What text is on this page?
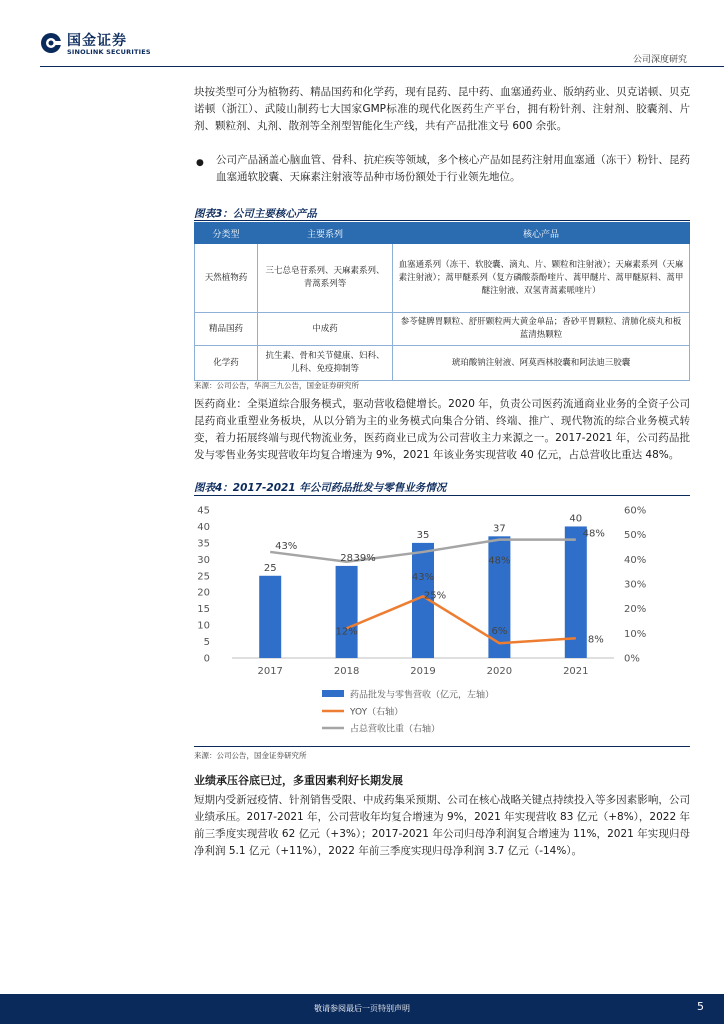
国金证券
SINOLINK SECURITIES
公司深度研究
块按类型可分为植物药、精品国药和化学药，现有昆药、昆中药、血塞通药业、版纳药业、贝克诺顿、贝克诺顿（浙江）、武陵山制药七大国家GMP标准的现代化医药生产平台，拥有粉针剂、注射剂、胶囊剂、片剂、颗粒剂、丸剂、散剂等全剂型智能化生产线，共有产品批准文号 600 余张。
● 公司产品涵盖心脑血管、骨科、抗疟疾等领域，多个核心产品如昆药注射用血塞通（冻干）粉针、昆药血塞通软胶囊、天麻素注射液等品种市场份额处于行业领先地位。
图表3：公司主要核心产品
分类型	主要系列	核心产品
天然植物药	三七总皂苷系列、天麻素系列、青蒿系列等	血塞通系列（冻干、软胶囊、滴丸、片、颗粒和注射液）；天麻素系列（天麻素注射液）；蒿甲醚系列（复方磷酸萘酚喹片、蒿甲醚片、蒿甲醚原料、蒿甲醚注射液、双氢青蒿素哌喹片）
精品国药	中成药	参苓健脾胃颗粒、舒肝颗粒两大黄金单品；香砂平胃颗粒、清肺化痰丸和板蓝清热颗粒
化学药	抗生素、骨和关节健康、妇科、儿科、免疫抑制等	琥珀酸钠注射液、阿莫西林胶囊和阿法迪三胶囊
来源：公司公告，华润三九公告，国金证券研究所
医药商业：全渠道综合服务模式，驱动营收稳健增长。2020 年，负责公司医药流通商业业务的全资子公司昆药商业重塑业务板块，从以分销为主的业务模式向集合分销、终端、推广、现代物流的综合业务模式转变，着力拓展终端与现代物流业务，医药商业已成为公司营收主力来源之一。2017-2021 年，公司药品批发与零售业务实现营收年均复合增速为 9%，2021 年该业务实现营收 40 亿元，占总营收比重达 48%。
图表4：2017-2021 年公司药品批发与零售业务情况
25
28
35
37
40
12%
25%
6%
8%
43%
39%
43%
48%
48%
0
5
10
15
20
25
30
35
40
45
0%
10%
20%
30%
40%
50%
60%
2017	2018	2019	2020	2021
药品批发与零售营收（亿元，左轴）
YOY（右轴）
占总营收比重（右轴）
来源：公司公告，国金证券研究所
业绩承压谷底已过，多重因素利好长期发展
短期内受新冠疫情、针剂销售受限、中成药集采预期、公司在核心战略关键点持续投入等多因素影响，公司业绩承压。2017-2021 年，公司营收年均复合增速为 9%，2021 年实现营收 83 亿元（+8%），2022 年前三季度实现营收 62 亿元（+3%）；2017-2021 年公司归母净利润复合增速为 11%，2021 年实现归母净利润 5.1 亿元（+11%），2022 年前三季度实现归母净利润 3.7 亿元（-14%）。
敬请参阅最后一页特别声明	5
